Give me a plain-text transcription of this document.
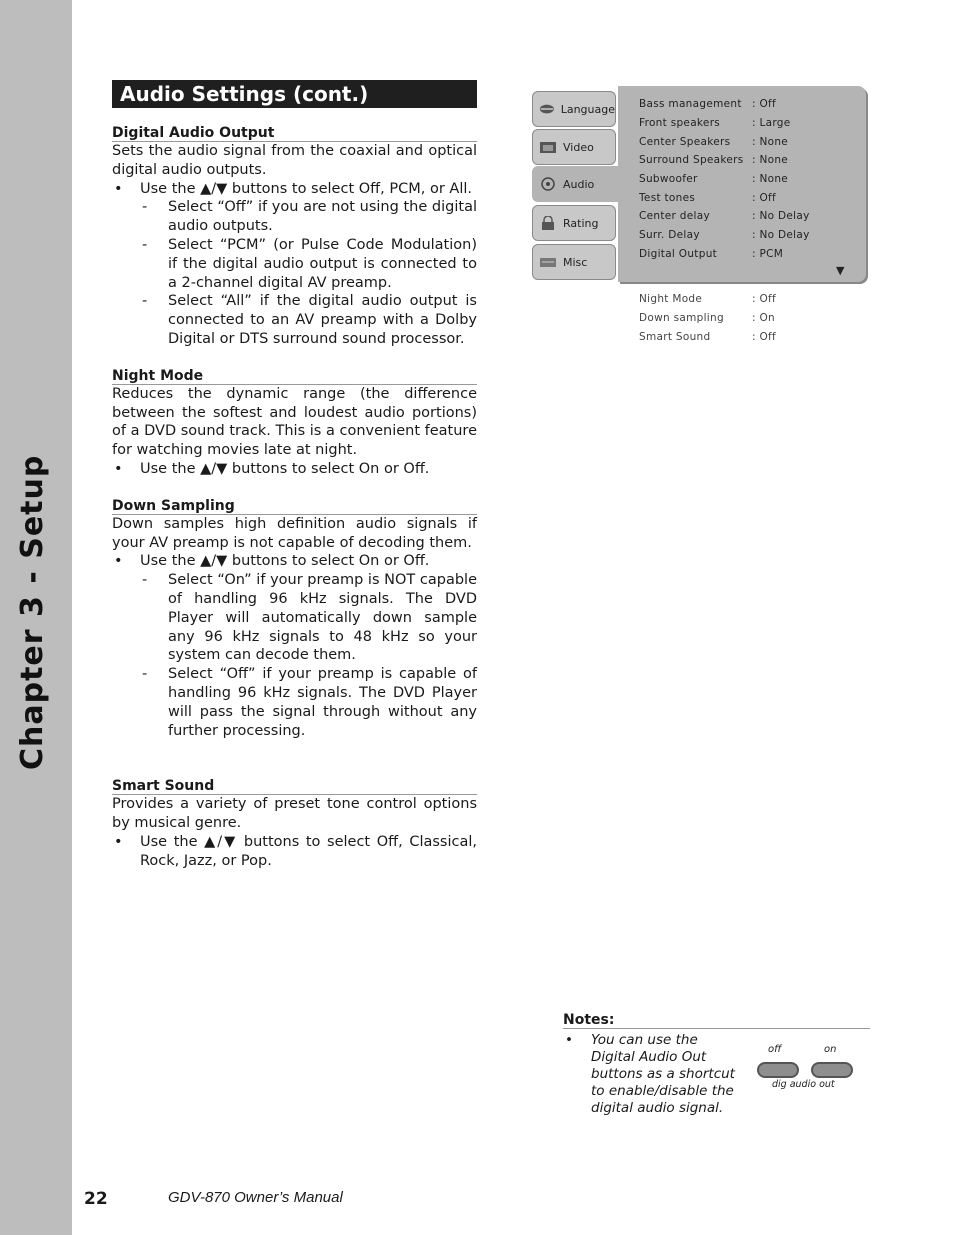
Chapter 3 - Setup
Audio Settings (cont.)
Digital Audio Output
Sets the audio signal from the coaxial and optical digital audio outputs.
• Use the ▲/▼ buttons to select Off, PCM, or All.
- Select “Off” if you are not using the digital audio outputs.
- Select “PCM” (or Pulse Code Modulation) if the digital audio output is connected to a 2-channel digital AV preamp.
- Select “All” if the digital audio output is connected to an AV preamp with a Dolby Digital or DTS surround sound processor.
Night Mode
Reduces the dynamic range (the difference between the softest and loudest audio portions) of a DVD sound track. This is a convenient feature for watching movies late at night.
• Use the ▲/▼ buttons to select On or Off.
Down Sampling
Down samples high definition audio signals if your AV preamp is not capable of decoding them.
• Use the ▲/▼ buttons to select On or Off.
- Select “On” if your preamp is NOT capable of handling 96 kHz signals. The DVD Player will automatically down sample any 96 kHz signals to 48 kHz so your system can decode them.
- Select “Off” if your preamp is capable of handling 96 kHz signals. The DVD Player will pass the signal through without any further processing.
Smart Sound
Provides a variety of preset tone control options by musical genre.
• Use the ▲/▼ buttons to select Off, Classical, Rock, Jazz, or Pop.
▼
Language
Video
Audio
Rating
Misc
Bass management : Off
Front speakers	: Large
Center Speakers : None
Surround Speakers : None
Subwoofer	: None
Test tones	: Off
Center delay	: No Delay
Surr. Delay	: No Delay
Digital Output	: PCM
Night Mode	: Off
Down sampling	: On
Smart Sound	: Off
Notes:
• You can use the Digital Audio Out buttons as a shortcut to enable/disable the digital audio signal.
off	on
dig audio out
22	GDV-870 Owner’s Manual
